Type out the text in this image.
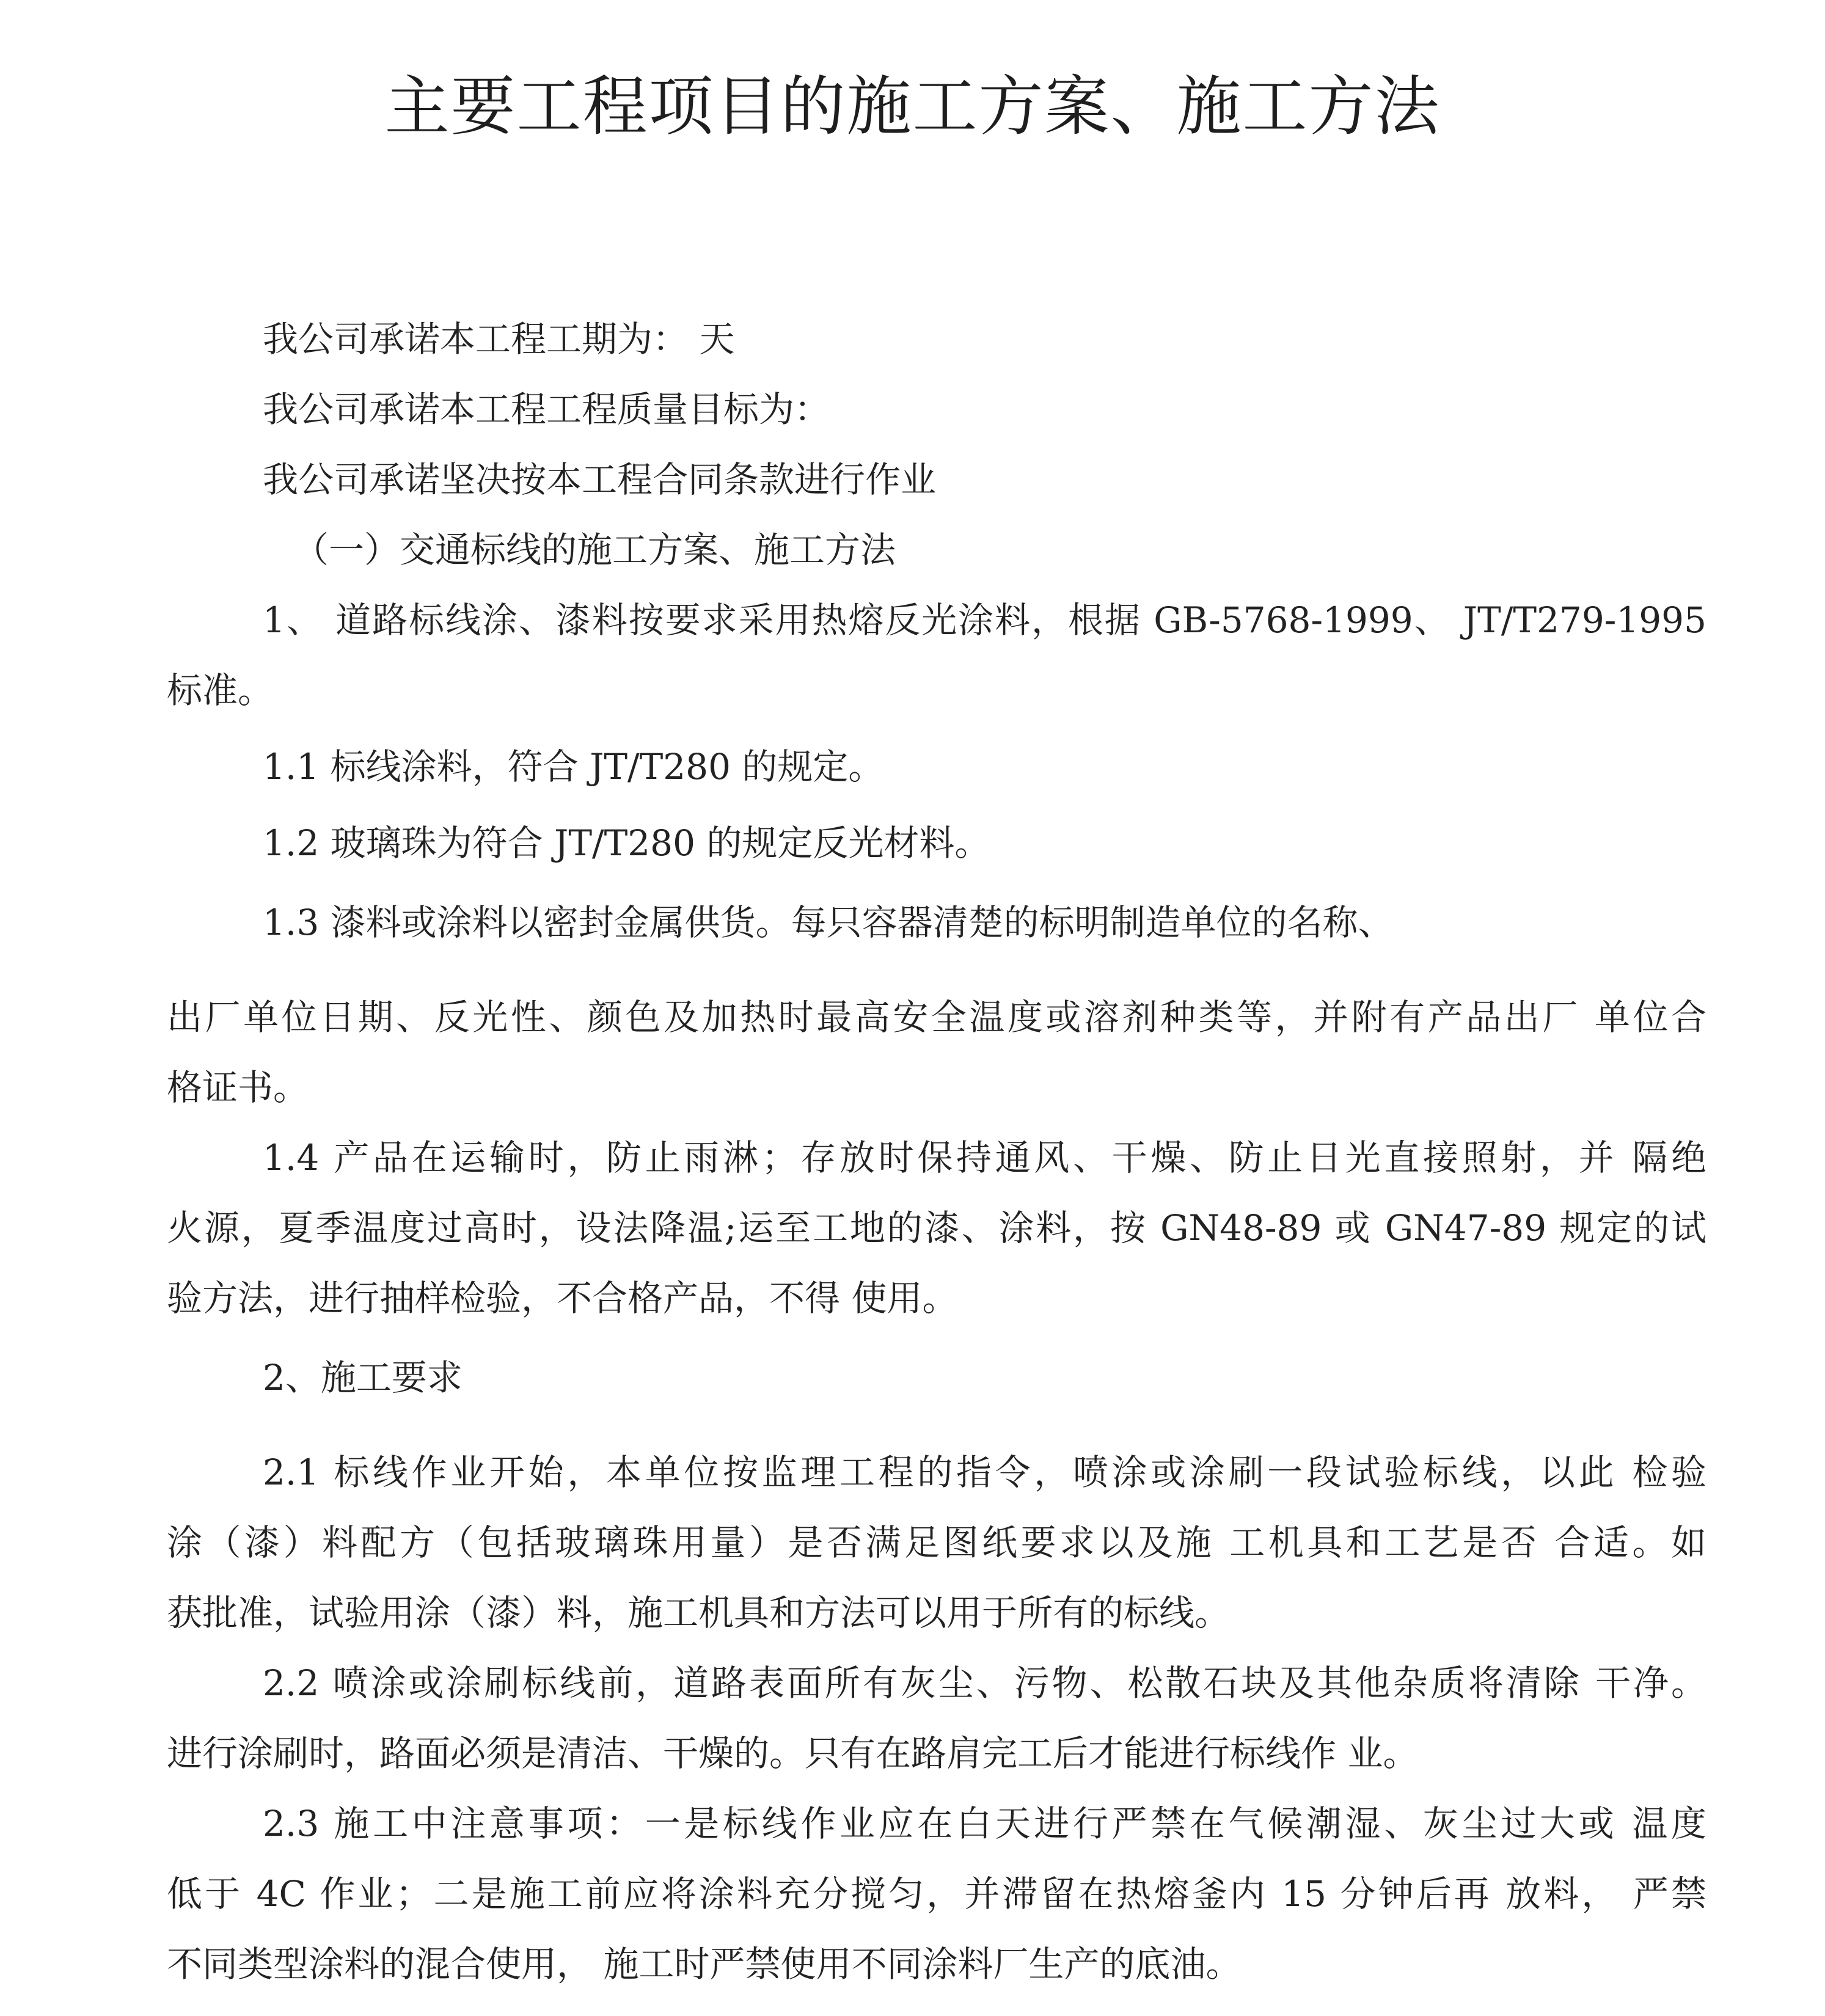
主要工程项目的施工方案、施工方法
我公司承诺本工程工期为： 天
我公司承诺本工程工程质量目标为：
我公司承诺坚决按本工程合同条款进行作业
（一）交通标线的施工方案、施工方法
1、 道路标线涂、漆料按要求采用热熔反光涂料，根据 GB-5768-1999、 JT/T279-1995
标准。
1.1 标线涂料，符合 JT/T280 的规定。
1.2 玻璃珠为符合 JT/T280 的规定反光材料。
1.3 漆料或涂料以密封金属供货。每只容器清楚的标明制造单位的名称、
出厂单位日期、反光性、颜色及加热时最高安全温度或溶剂种类等，并附有产品出厂 单位合
格证书。
1.4 产品在运输时，防止雨淋；存放时保持通风、干燥、防止日光直接照射，并 隔绝
火源，夏季温度过高时，设法降温;运至工地的漆、涂料，按 GN48-89 或 GN47-89 规定的试
验方法，进行抽样检验，不合格产品，不得 使用。
2、施工要求
2.1 标线作业开始，本单位按监理工程的指令，喷涂或涂刷一段试验标线，以此 检验
涂（漆）料配方（包括玻璃珠用量）是否满足图纸要求以及施 工机具和工艺是否 合适。如
获批准，试验用涂（漆）料，施工机具和方法可以用于所有的标线。
2.2 喷涂或涂刷标线前，道路表面所有灰尘、污物、松散石块及其他杂质将清除 干净。
进行涂刷时，路面必须是清洁、干燥的。只有在路肩完工后才能进行标线作 业。
2.3 施工中注意事项：一是标线作业应在白天进行严禁在气候潮湿、灰尘过大或 温度
低于 4C 作业；二是施工前应将涂料充分搅匀，并滞留在热熔釜内 15 分钟后再 放料， 严禁
不同类型涂料的混合使用， 施工时严禁使用不同涂料厂生产的底油。
